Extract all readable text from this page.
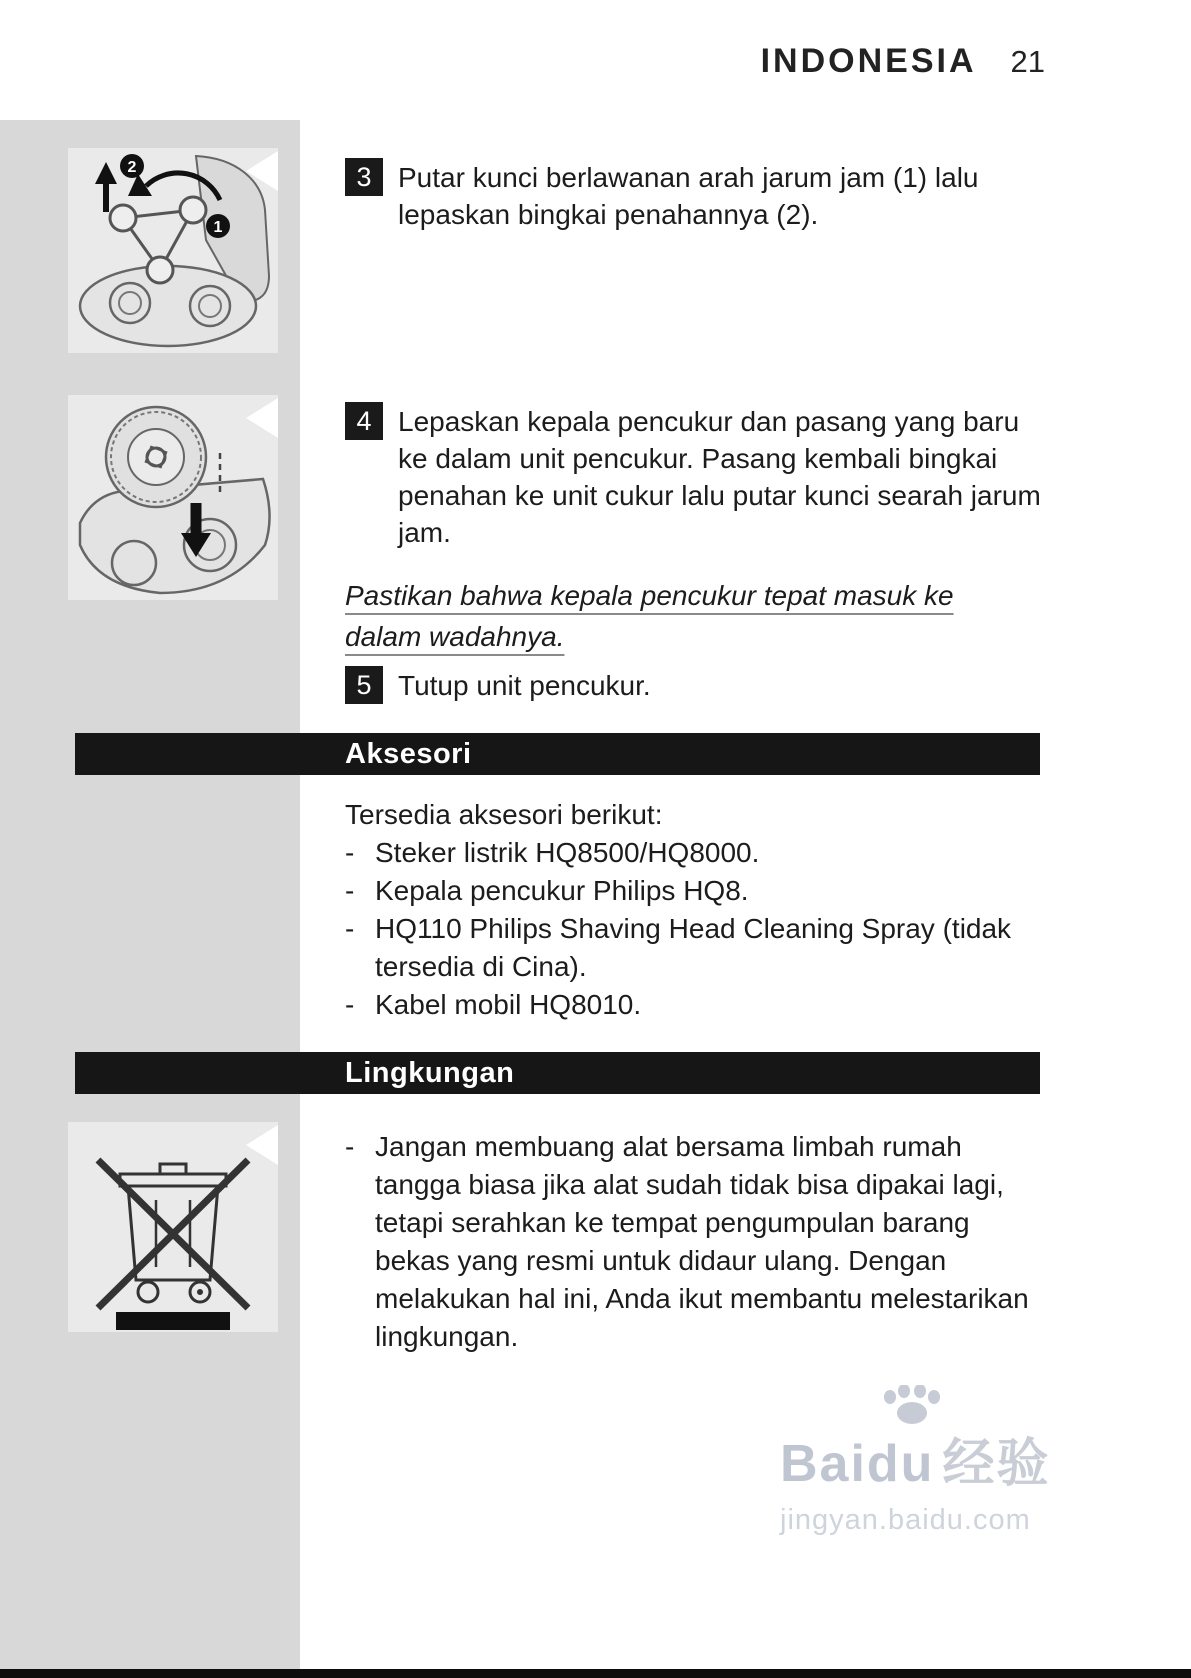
INDONESIA 21
1
2	3 Putar kunci berlawanan arah jarum jam (1) lalu lepaskan bingkai penahannya (2).
4 Lepaskan kepala pencukur dan pasang yang baru ke dalam unit pencukur. Pasang kembali bingkai penahan ke unit cukur lalu putar kunci searah jarum jam.
Pastikan bahwa kepala pencukur tepat masuk ke dalam wadahnya.
5 Tutup unit pencukur.
Aksesori
Tersedia aksesori berikut:
- Steker listrik HQ8500/HQ8000.
- Kepala pencukur Philips HQ8.
- HQ110 Philips Shaving Head Cleaning Spray (tidak tersedia di Cina).
- Kabel mobil HQ8010.
Lingkungan
- Jangan membuang alat bersama limbah rumah tangga biasa jika alat sudah tidak bisa dipakai lagi, tetapi serahkan ke tempat pengumpulan barang bekas yang resmi untuk didaur ulang. Dengan melakukan hal ini, Anda ikut membantu melestarikan lingkungan.
Baidu 经验
jingyan.baidu.com
